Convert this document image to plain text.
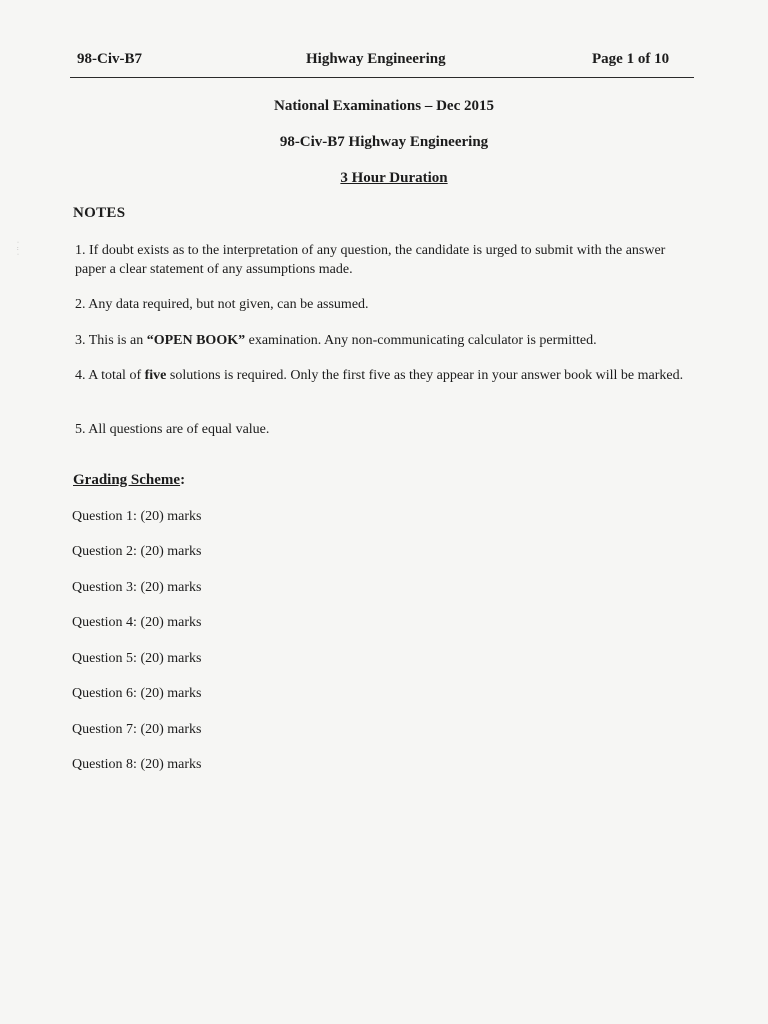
98-Civ-B7	Highway Engineering	Page 1 of 10
National Examinations – Dec 2015
98-Civ-B7 Highway Engineering
3 Hour Duration
NOTES
1. If doubt exists as to the interpretation of any question, the candidate is urged to submit with the answer paper a clear statement of any assumptions made.
2. Any data required, but not given, can be assumed.
3. This is an “OPEN BOOK” examination. Any non-communicating calculator is permitted.
4. A total of five solutions is required. Only the first five as they appear in your answer book will be marked.
5. All questions are of equal value.
Grading Scheme:
Question 1: (20) marks
Question 2: (20) marks
Question 3: (20) marks
Question 4: (20) marks
Question 5: (20) marks
Question 6: (20) marks
Question 7: (20) marks
Question 8: (20) marks
·
:
·
